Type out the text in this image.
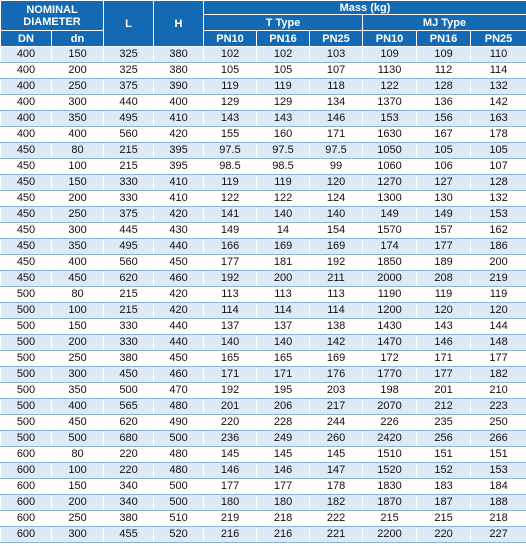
NOMINAL DIAMETER		L	H	Mass (kg)					
				T Type			MJ Type		
DN	dn			PN10	PN16	PN25	PN10	PN16	PN25
400	150	325	380	102	102	103	109	109	110
400	200	325	380	105	105	107	1130	112	114
400	250	375	390	119	119	118	122	128	132
400	300	440	400	129	129	134	1370	136	142
400	350	495	410	143	143	146	153	156	163
400	400	560	420	155	160	171	1630	167	178
450	80	215	395	97.5	97.5	97.5	1050	105	105
450	100	215	395	98.5	98.5	99	1060	106	107
450	150	330	410	119	119	120	1270	127	128
450	200	330	410	122	122	124	1300	130	132
450	250	375	420	141	140	140	149	149	153
450	300	445	430	149	14	154	1570	157	162
450	350	495	440	166	169	169	174	177	186
450	400	560	450	177	181	192	1850	189	200
450	450	620	460	192	200	211	2000	208	219
500	80	215	420	113	113	113	1190	119	119
500	100	215	420	114	114	114	1200	120	120
500	150	330	440	137	137	138	1430	143	144
500	200	330	440	140	140	142	1470	146	148
500	250	380	450	165	165	169	172	171	177
500	300	450	460	171	171	176	1770	177	182
500	350	500	470	192	195	203	198	201	210
500	400	565	480	201	206	217	2070	212	223
500	450	620	490	220	228	244	226	235	250
500	500	680	500	236	249	260	2420	256	266
600	80	220	480	145	145	145	1510	151	151
600	100	220	480	146	146	147	1520	152	153
600	150	340	500	177	177	178	1830	183	184
600	200	340	500	180	180	182	1870	187	188
600	250	380	510	219	218	222	215	215	218
600	300	455	520	216	216	221	2200	220	227
